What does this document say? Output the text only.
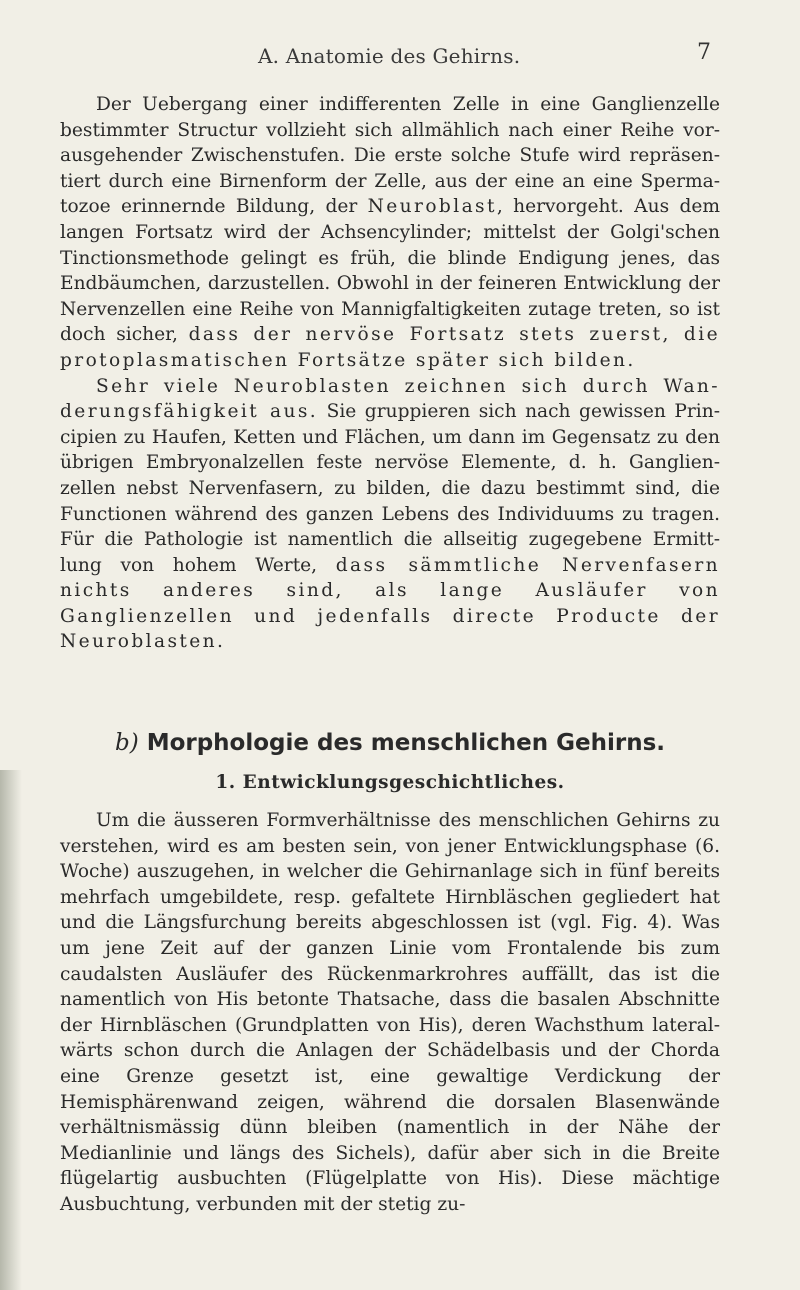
A. Anatomie des Gehirns.	7

Der Uebergang einer indifferenten Zelle in eine Ganglienzelle bestimmter Structur vollzieht sich allmählich nach einer Reihe vor-ausgehender Zwischenstufen. Die erste solche Stufe wird repräsen-tiert durch eine Birnenform der Zelle, aus der eine an eine Sperma-tozoe erinnernde Bildung, der Neuroblast, hervorgeht. Aus dem langen Fortsatz wird der Achsencylinder; mittelst der Golgi'schen Tinctionsmethode gelingt es früh, die blinde Endigung jenes, das Endbäumchen, darzustellen. Obwohl in der feineren Entwicklung der Nervenzellen eine Reihe von Mannigfaltigkeiten zutage treten, so ist doch sicher, dass der nervöse Fortsatz stets zuerst, die protoplasmatischen Fortsätze später sich bilden.

Sehr viele Neuroblasten zeichnen sich durch Wan-derungsfähigkeit aus. Sie gruppieren sich nach gewissen Prin-cipien zu Haufen, Ketten und Flächen, um dann im Gegensatz zu den übrigen Embryonalzellen feste nervöse Elemente, d. h. Ganglien-zellen nebst Nervenfasern, zu bilden, die dazu bestimmt sind, die Functionen während des ganzen Lebens des Individuums zu tragen. Für die Pathologie ist namentlich die allseitig zugegebene Ermitt-lung von hohem Werte, dass sämmtliche Nervenfasern nichts anderes sind, als lange Ausläufer von Ganglienzellen und jedenfalls directe Producte der Neuroblasten.

b) Morphologie des menschlichen Gehirns.
1. Entwicklungsgeschichtliches.

Um die äusseren Formverhältnisse des menschlichen Gehirns zu verstehen, wird es am besten sein, von jener Entwicklungsphase (6. Woche) auszugehen, in welcher die Gehirnanlage sich in fünf bereits mehrfach umgebildete, resp. gefaltete Hirnbläschen gegliedert hat und die Längsfurchung bereits abgeschlossen ist (vgl. Fig. 4). Was um jene Zeit auf der ganzen Linie vom Frontalende bis zum caudalsten Ausläufer des Rückenmarkrohres auffällt, das ist die namentlich von His betonte Thatsache, dass die basalen Abschnitte der Hirnbläschen (Grundplatten von His), deren Wachsthum lateral-wärts schon durch die Anlagen der Schädelbasis und der Chorda eine Grenze gesetzt ist, eine gewaltige Verdickung der Hemisphärenwand zeigen, während die dorsalen Blasenwände verhältnismässig dünn bleiben (namentlich in der Nähe der Medianlinie und längs des Sichels), dafür aber sich in die Breite flügelartig ausbuchten (Flügelplatte von His). Diese mächtige Ausbuchtung, verbunden mit der stetig zu-
